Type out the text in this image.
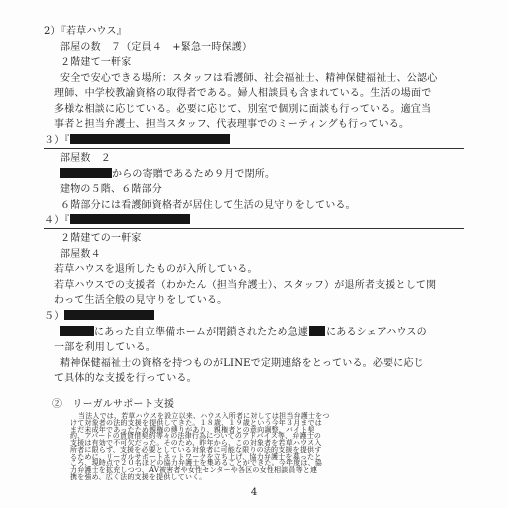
2）『若草ハウス』
部屋の数　７（定員４　+緊急一時保護）
２階建て一軒家
安全で安心できる場所：スタッフは看護師、社会福祉士、精神保健福祉士、公認心
理師、中学校教諭資格の取得者である。婦人相談員も含まれている。生活の場面で
多様な相談に応じている。必要に応じて、別室で個別に面談も行っている。適宜当
事者と担当弁護士、担当スタッフ、代表理事でのミーティングも行っている。
３）『
部屋数　２
からの寄贈であるため９月で閉所。
建物の５階、６階部分
６階部分には看護師資格者が居住して生活の見守りをしている。
４）『
２階建ての一軒家
部屋数４
若草ハウスを退所したものが入所している。
若草ハウスでの支援者（わかたん（担当弁護士）、スタッフ）が退所者支援として関
わって生活全般の見守りをしている。
５）
にあった自立準備ホームが閉鎖されたため急遽 にあるシェアハウスの
一部を利用している。
精神保健福祉士の資格を持つものがLINEで定期連絡をとっている。必要に応じ
て具体的な支援を行っている。
②　リーガルサポート支援
当法人では、若草ハウスを設立以来、ハウス入所者に対しては担当弁護士をつ
けて対象者の法的支援を提供してきた。１８歳、１９歳という今年３月までは
まだ未成年であったため親権の縛りがあり、親権者との意向調整、バイト契
約、アパートの賃貸借契約等々の法律行為についてのアドバイス等、弁護士の
支援は有効で不可欠だった。そのため、昨年から、この対象者を若草ハウス入
所者に限らず、支援を必要としている対象者に可能な限りの法的支援を提供す
るために、リーガルサポートネットワークを立ち上げ、協力弁護士を募ったと
ころ、現時点で２０名ほどの協力弁護士を集めることができた。今年度は、協
力弁護士を拡充しつつ、AV被害者や女性センターや各区の女性相談員等と連
携を強め、広く法的支援を提供していく。
4
